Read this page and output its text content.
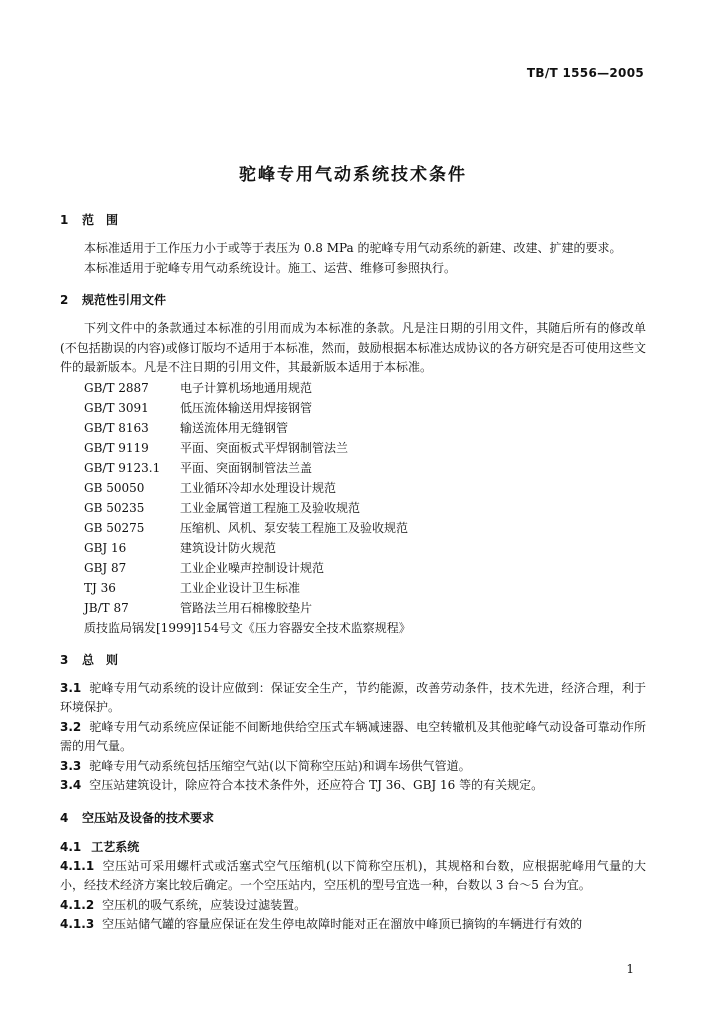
TB/T 1556—2005
驼峰专用气动系统技术条件
1 范　围

本标准适用于工作压力小于或等于表压为 0.8 MPa 的驼峰专用气动系统的新建、改建、扩建的要求。

本标准适用于驼峰专用气动系统设计。施工、运营、维修可参照执行。

2 规范性引用文件

下列文件中的条款通过本标准的引用而成为本标准的条款。凡是注日期的引用文件，其随后所有的修改单(不包括勘误的内容)或修订版均不适用于本标准，然而，鼓励根据本标准达成协议的各方研究是否可使用这些文件的最新版本。凡是不注日期的引用文件，其最新版本适用于本标准。

GB/T 2887	电子计算机场地通用规范

GB/T 3091	低压流体输送用焊接钢管

GB/T 8163	输送流体用无缝钢管

GB/T 9119	平面、突面板式平焊钢制管法兰

GB/T 9123.1 平面、突面钢制管法兰盖

GB 50050	工业循环冷却水处理设计规范

GB 50235	工业金属管道工程施工及验收规范

GB 50275	压缩机、风机、泵安装工程施工及验收规范

GBJ 16	建筑设计防火规范

GBJ 87	工业企业噪声控制设计规范

TJ 36	工业企业设计卫生标准

JB/T 87	管路法兰用石棉橡胶垫片

质技监局锅发[1999]154号文《压力容器安全技术监察规程》

3 总　则

3.1 驼峰专用气动系统的设计应做到：保证安全生产，节约能源，改善劳动条件，技术先进，经济合理，利于环境保护。

3.2 驼峰专用气动系统应保证能不间断地供给空压式车辆减速器、电空转辙机及其他驼峰气动设备可靠动作所需的用气量。

3.3 驼峰专用气动系统包括压缩空气站(以下简称空压站)和调车场供气管道。

3.4 空压站建筑设计，除应符合本技术条件外，还应符合 TJ 36、GBJ 16 等的有关规定。

4 空压站及设备的技术要求

4.1 工艺系统

4.1.1 空压站可采用螺杆式或活塞式空气压缩机(以下简称空压机)，其规格和台数，应根据驼峰用气量的大小，经技术经济方案比较后确定。一个空压站内，空压机的型号宜选一种，台数以 3 台～5 台为宜。

4.1.2 空压机的吸气系统，应装设过滤装置。

4.1.3 空压站储气罐的容量应保证在发生停电故障时能对正在溜放中峰顶已摘钩的车辆进行有效的

1
